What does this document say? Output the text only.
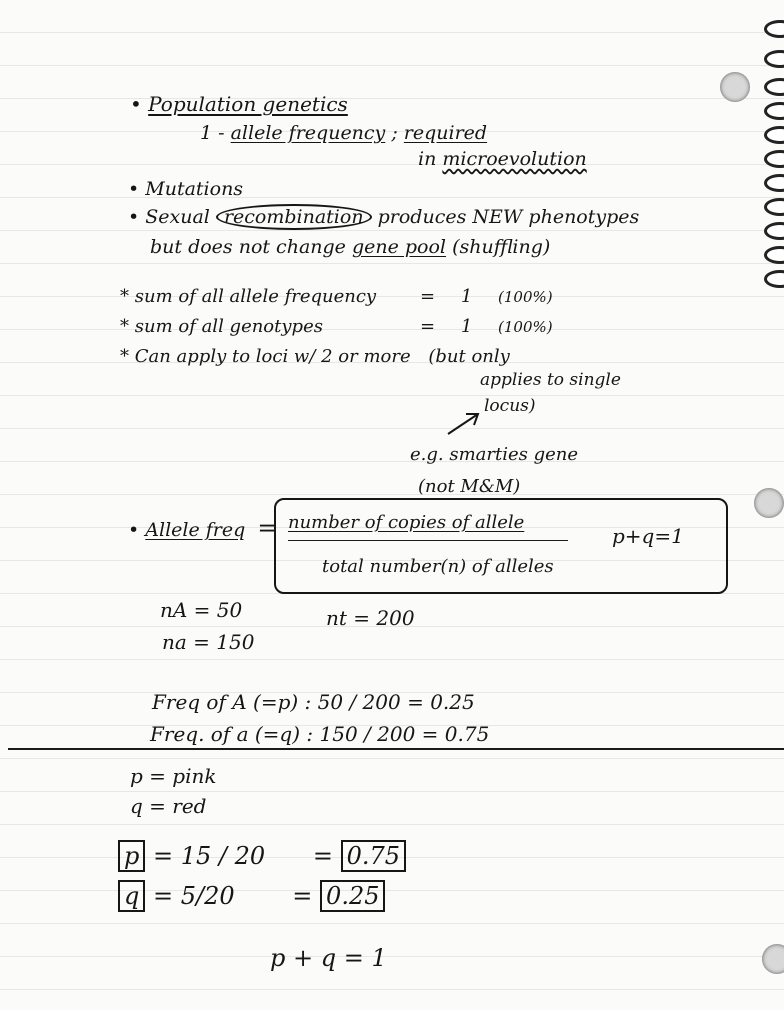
• Population genetics
1 - allele frequency ; required
in microevolution
• Mutations
• Sexual recombination produces NEW phenotypes
but does not change gene pool (shuffling)
* sum of all allele frequency = 1 (100%)
* sum of all genotypes	= 1 (100%)
* Can apply to loci w/ 2 or more (but only
applies to single
locus)
e.g. smarties gene
(not M&M)
• Allele freq = number of copies of allele
total number(n) of alleles
p+q=1
nA = 50
na = 150
nt = 200
Freq of A (=p) : 50 / 200 = 0.25
Freq. of a (=q) : 150 / 200 = 0.75
p = pink
q = red
p = 15 / 20 = 0.75
q = 5/20 = 0.25
p + q = 1
